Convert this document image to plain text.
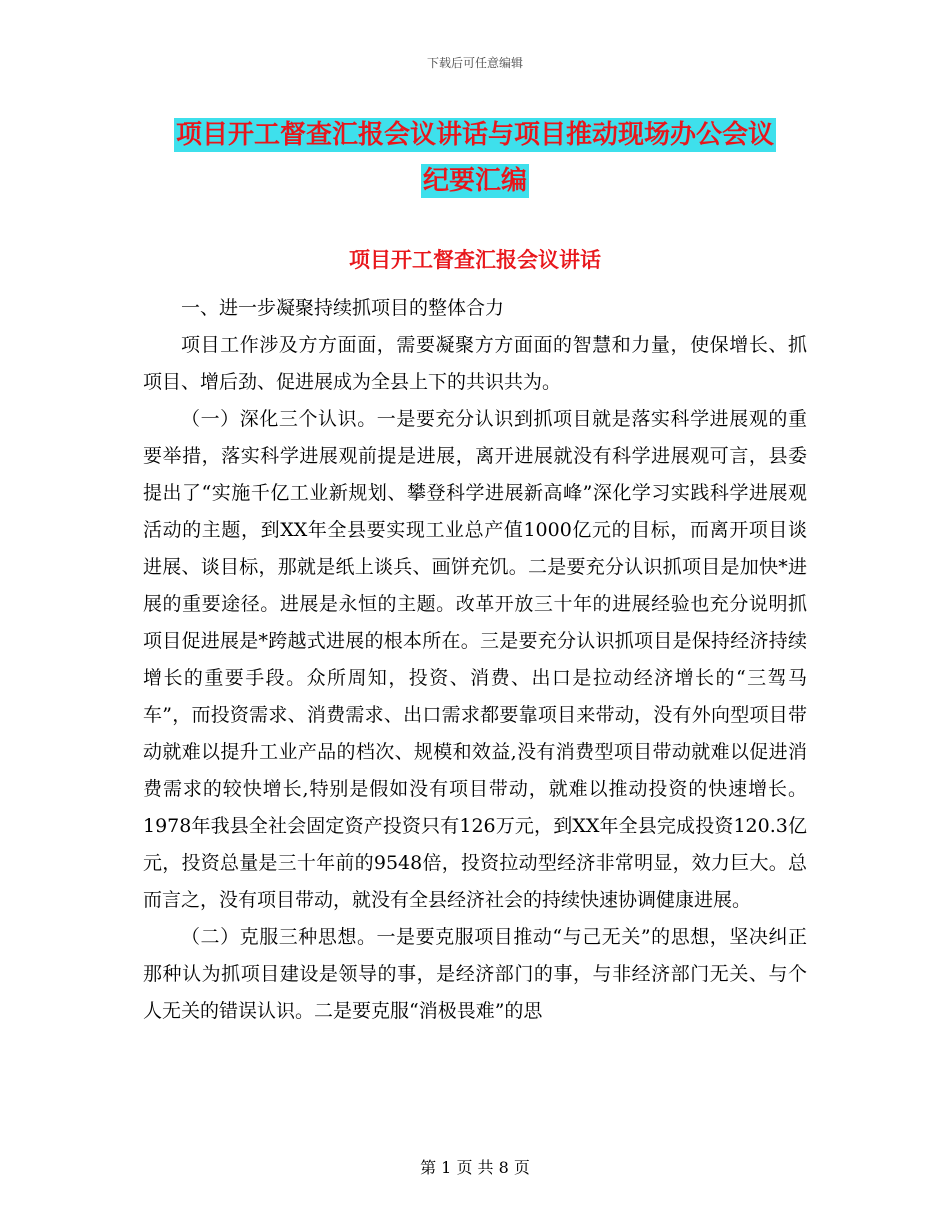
下载后可任意编辑
项目开工督查汇报会议讲话与项目推动现场办公会议
纪要汇编
项目开工督查汇报会议讲话

一、进一步凝聚持续抓项目的整体合力

项目工作涉及方方面面，需要凝聚方方面面的智慧和力量，使保增长、抓项目、增后劲、促进展成为全县上下的共识共为。

（一）深化三个认识。一是要充分认识到抓项目就是落实科学进展观的重要举措，落实科学进展观前提是进展，离开进展就没有科学进展观可言，县委提出了“实施千亿工业新规划、攀登科学进展新高峰”深化学习实践科学进展观活动的主题，到XX年全县要实现工业总产值1000亿元的目标，而离开项目谈进展、谈目标，那就是纸上谈兵、画饼充饥。二是要充分认识抓项目是加快*进展的重要途径。进展是永恒的主题。改革开放三十年的进展经验也充分说明抓项目促进展是*跨越式进展的根本所在。三是要充分认识抓项目是保持经济持续增长的重要手段。众所周知，投资、消费、出口是拉动经济增长的“三驾马车”，而投资需求、消费需求、出口需求都要靠项目来带动，没有外向型项目带动就难以提升工业产品的档次、规模和效益,没有消费型项目带动就难以促进消费需求的较快增长,特别是假如没有项目带动，就难以推动投资的快速增长。1978年我县全社会固定资产投资只有126万元，到XX年全县完成投资120.3亿元，投资总量是三十年前的9548倍，投资拉动型经济非常明显，效力巨大。总而言之，没有项目带动，就没有全县经济社会的持续快速协调健康进展。

（二）克服三种思想。一是要克服项目推动“与己无关”的思想，坚决纠正那种认为抓项目建设是领导的事，是经济部门的事，与非经济部门无关、与个人无关的错误认识。二是要克服“消极畏难”的思

第 1 页 共 8 页
